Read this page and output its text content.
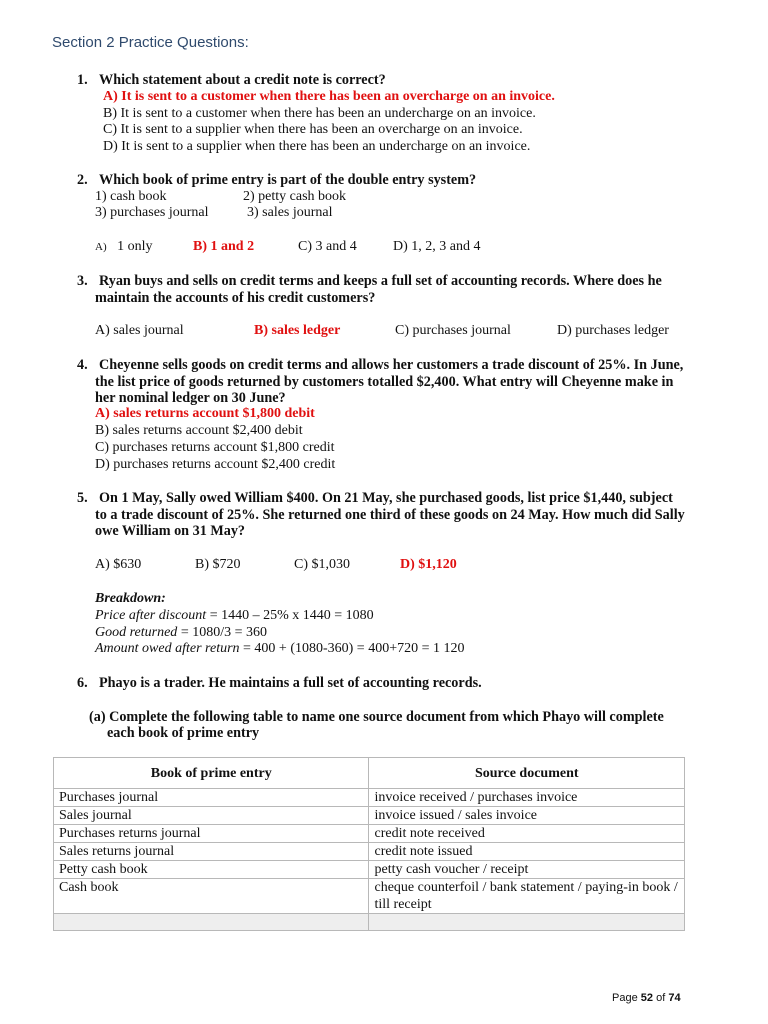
Section 2 Practice Questions:
1. Which statement about a credit note is correct?
A) It is sent to a customer when there has been an overcharge on an invoice.
B) It is sent to a customer when there has been an undercharge on an invoice.
C) It is sent to a supplier when there has been an overcharge on an invoice.
D) It is sent to a supplier when there has been an undercharge on an invoice.
2. Which book of prime entry is part of the double entry system?
1) cash book	2) petty cash book
3) purchases journal	3) sales journal
A) 1 only	B) 1 and 2	C) 3 and 4	D) 1, 2, 3 and 4
3. Ryan buys and sells on credit terms and keeps a full set of accounting records. Where does he
maintain the accounts of his credit customers?
A) sales journal	B) sales ledger	C) purchases journal	D) purchases ledger
4. Cheyenne sells goods on credit terms and allows her customers a trade discount of 25%. In June,
the list price of goods returned by customers totalled $2,400. What entry will Cheyenne make in
her nominal ledger on 30 June?
A) sales returns account $1,800 debit
B) sales returns account $2,400 debit
C) purchases returns account $1,800 credit
D) purchases returns account $2,400 credit
5. On 1 May, Sally owed William $400. On 21 May, she purchased goods, list price $1,440, subject
to a trade discount of 25%. She returned one third of these goods on 24 May. How much did Sally
owe William on 31 May?
A) $630	B) $720	C) $1,030	D) $1,120
Breakdown:
Price after discount = 1440 – 25% x 1440 = 1080
Good returned = 1080/3 = 360
Amount owed after return = 400 + (1080-360) = 400+720 = 1 120
6. Phayo is a trader. He maintains a full set of accounting records.
(a) Complete the following table to name one source document from which Phayo will complete
each book of prime entry
Book of prime entry	Source document
Purchases journal	invoice received / purchases invoice
Sales journal	invoice issued / sales invoice
Purchases returns journal	credit note received
Sales returns journal	credit note issued
Petty cash book	petty cash voucher / receipt
Cash book	cheque counterfoil / bank statement / paying-in book / till receipt

Page 52 of 74
